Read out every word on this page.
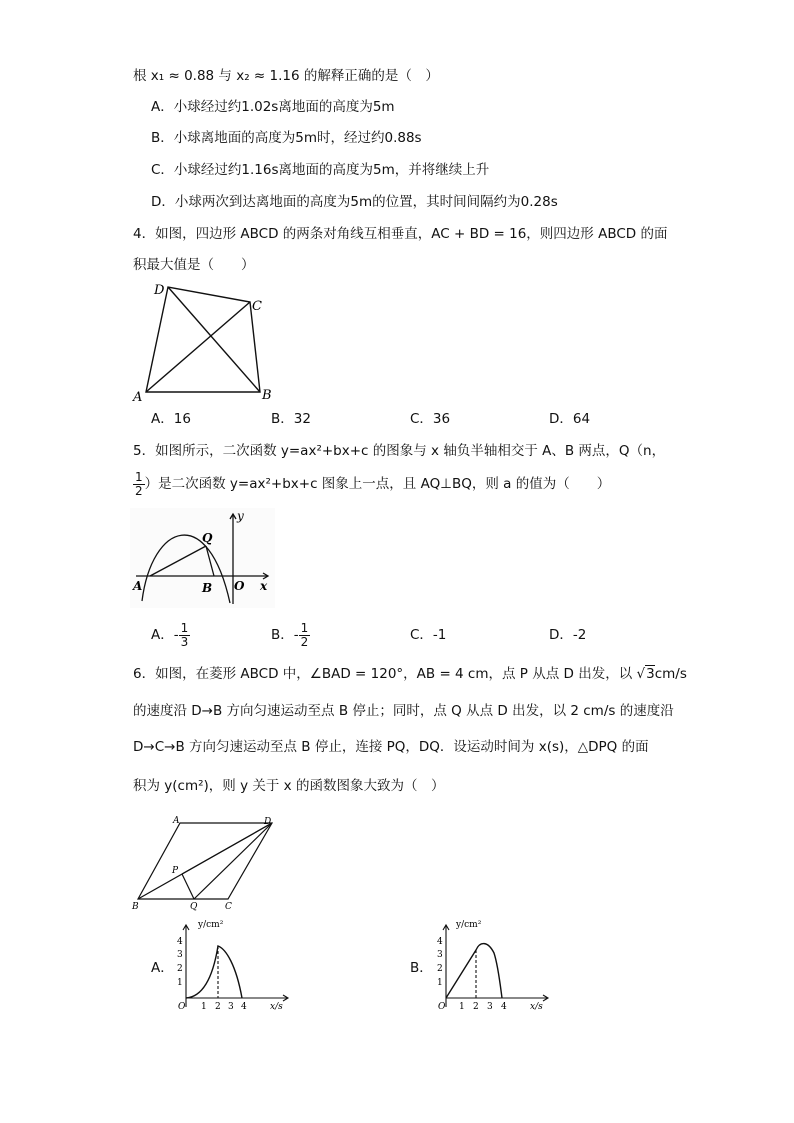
根 x₁ ≈ 0.88 与 x₂ ≈ 1.16 的解释正确的是（　）
A．小球经过约1.02s离地面的高度为5m
B．小球离地面的高度为5m时，经过约0.88s
C．小球经过约1.16s离地面的高度为5m，并将继续上升
D．小球两次到达离地面的高度为5m的位置，其时间间隔约为0.28s
4．如图，四边形 ABCD 的两条对角线互相垂直，AC + BD = 16，则四边形 ABCD 的面
积最大值是（　　）
D
C
A	B
A．16	B．32	C．36	D．64
5．如图所示，二次函数 y=ax²+bx+c 的图象与 x 轴负半轴相交于 A、B 两点，Q（n，
$\frac{1}{2}$ ）是二次函数 y=ax²+bx+c 图象上一点，且 AQ⊥BQ，则 a 的值为（　　）
y
Q
A	B O x
A．- $\frac{1}{3}$	B．- $\frac{1}{2}$	C．-1	D．-2
6．如图，在菱形 ABCD 中，∠BAD = 120°，AB = 4 cm，点 P 从点 D 出发，以 √3cm/s
的速度沿 D→B 方向匀速运动至点 B 停止；同时，点 Q 从点 D 出发，以 2 cm/s 的速度沿
D→C→B 方向匀速运动至点 B 停止，连接 PQ，DQ．设运动时间为 x(s)，△DPQ 的面
积为 y(cm²)，则 y 关于 x 的函数图象大致为（　）
A	D
P
B	Q	C
A．
y/cm²
4
3
2
1
O 1 2 3 4	x/s
B．
y/cm²
4
3
2
1
O 1 2 3 4	x/s
